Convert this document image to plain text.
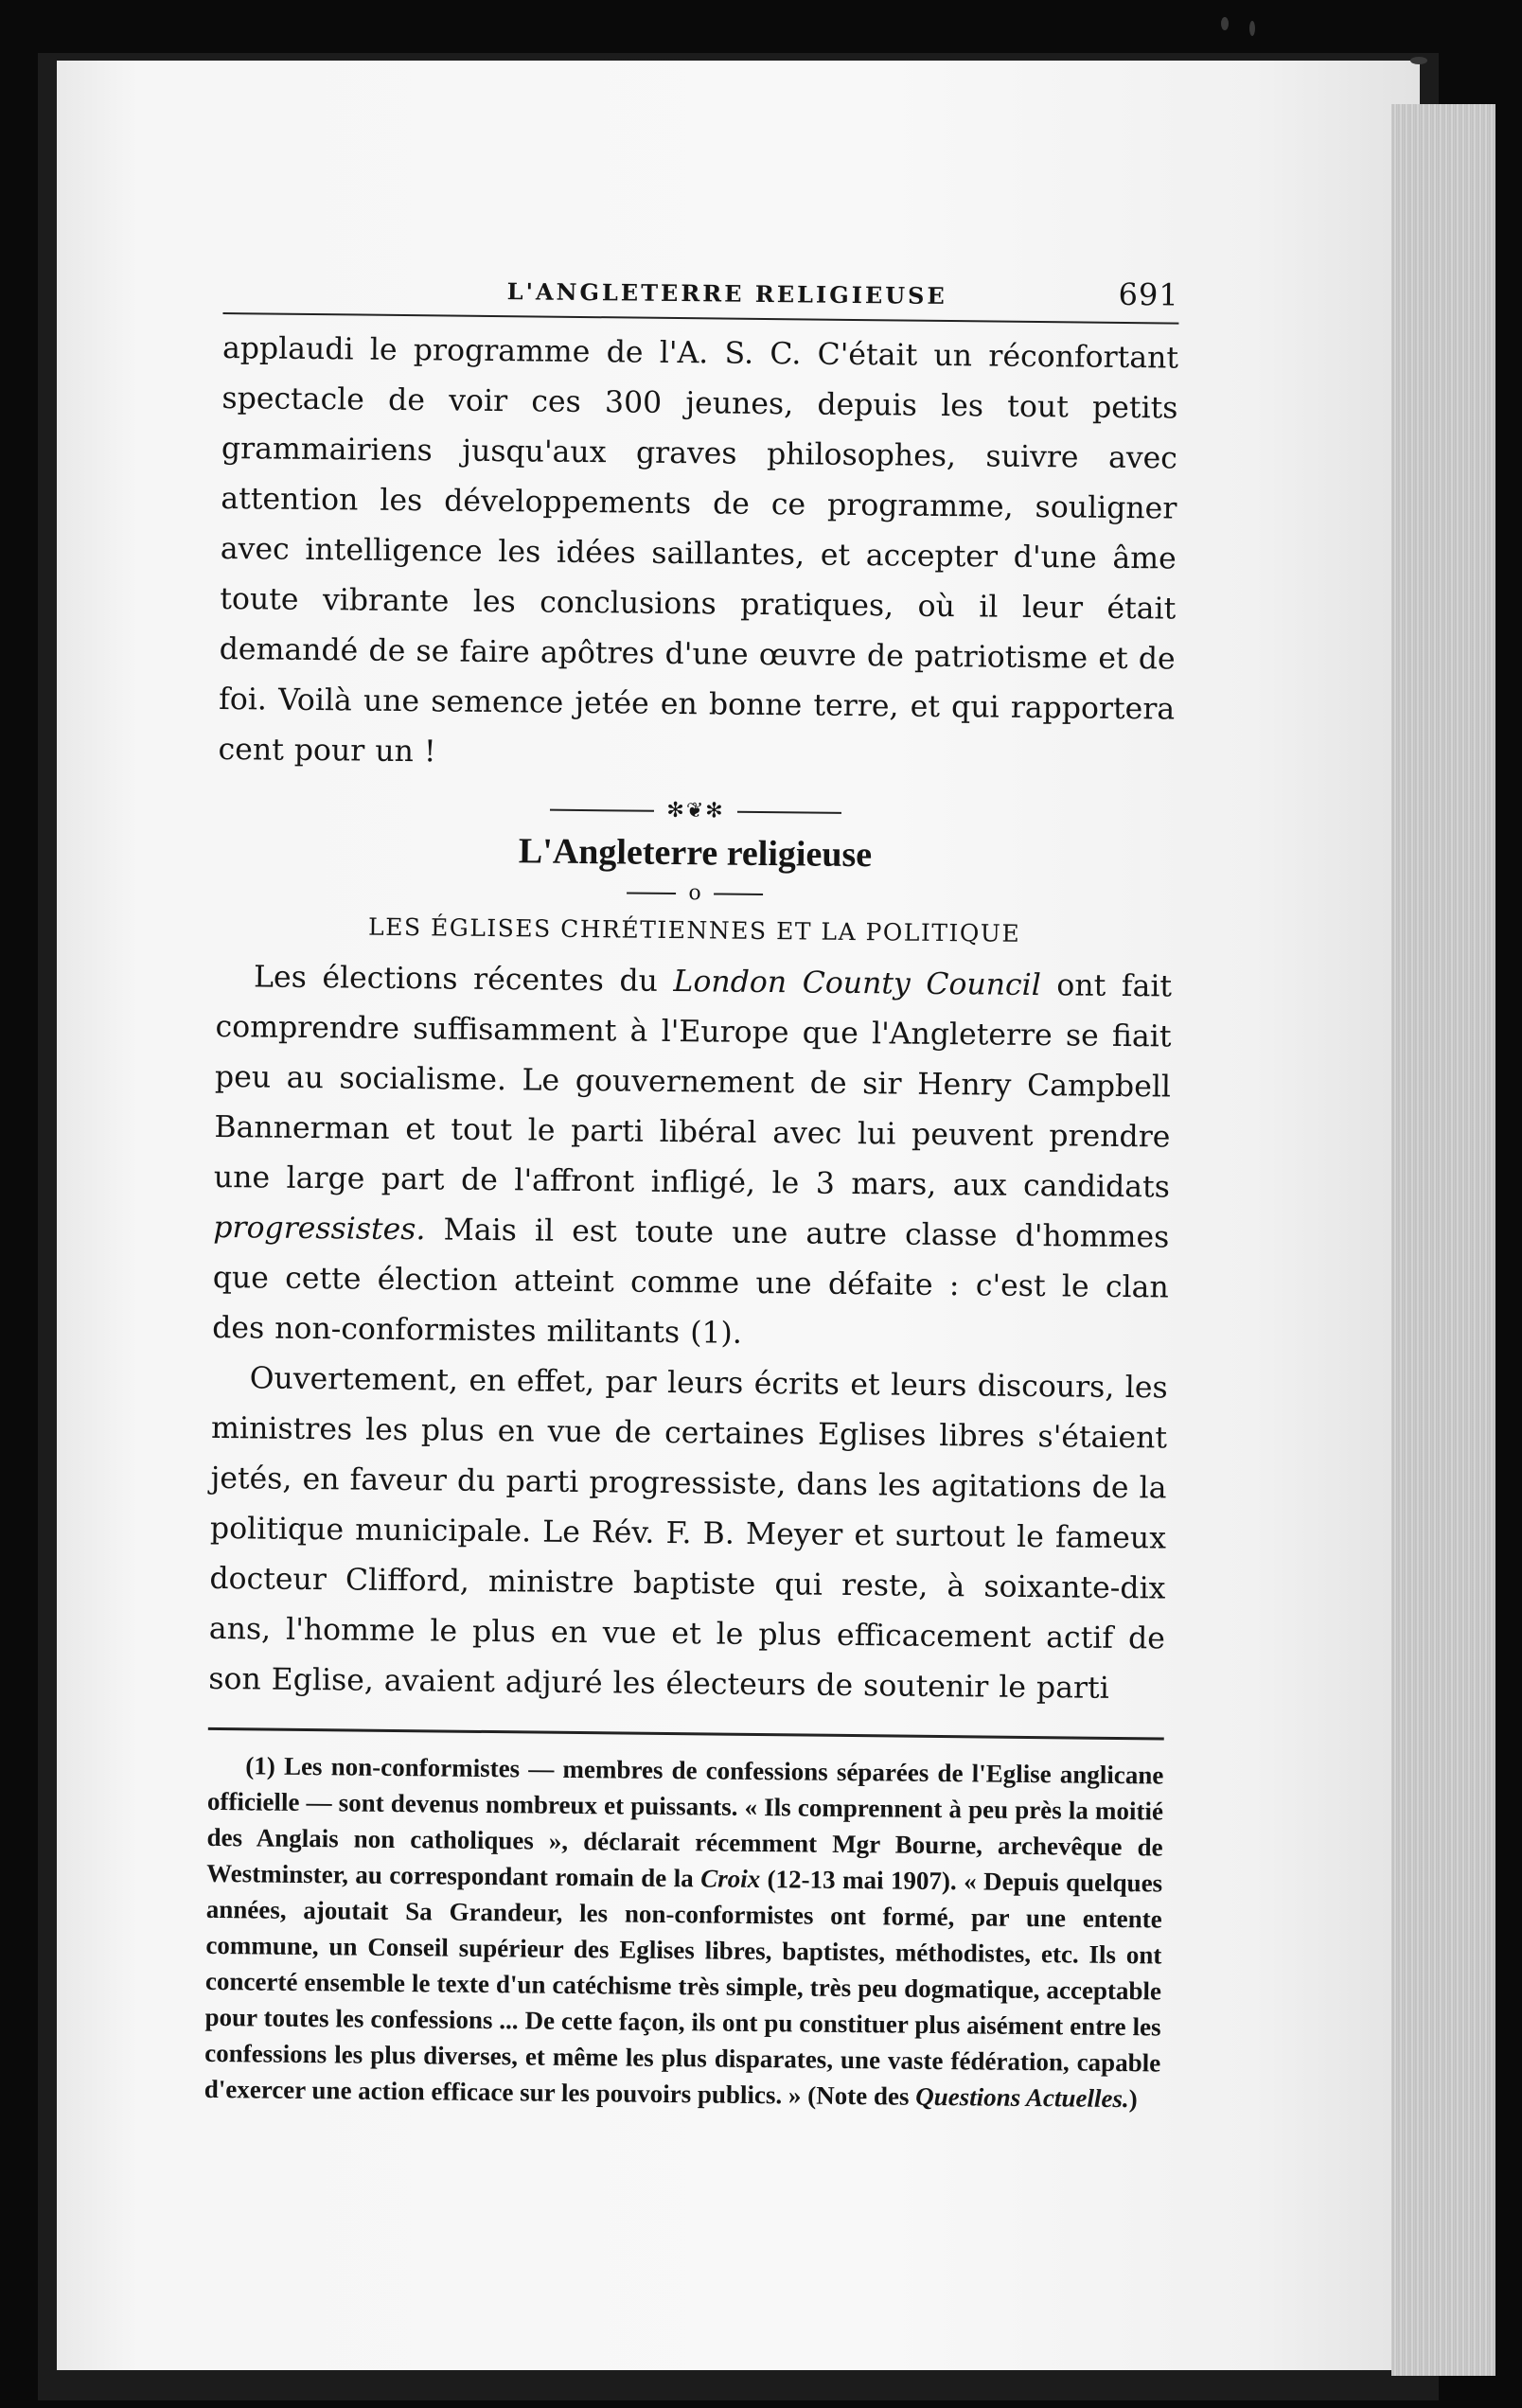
L'ANGLETERRE RELIGIEUSE	691

applaudi le programme de l'A. S. C. C'était un réconfortant spectacle de voir ces 300 jeunes, depuis les tout petits grammairiens jusqu'aux graves philosophes, suivre avec attention les développements de ce programme, souligner avec intelligence les idées saillantes, et accepter d'une âme toute vibrante les conclusions pratiques, où il leur était demandé de se faire apôtres d'une œuvre de patriotisme et de foi. Voilà une semence jetée en bonne terre, et qui rapportera cent pour un !

✻❦✻
L'Angleterre religieuse
o
LES ÉGLISES CHRÉTIENNES ET LA POLITIQUE

Les élections récentes du London County Council ont fait comprendre suffisamment à l'Europe que l'Angleterre se fiait peu au socialisme. Le gouvernement de sir Henry Campbell Bannerman et tout le parti libéral avec lui peuvent prendre une large part de l'affront infligé, le 3 mars, aux candidats progressistes. Mais il est toute une autre classe d'hommes que cette élection atteint comme une défaite : c'est le clan des non-conformistes militants (1).

Ouvertement, en effet, par leurs écrits et leurs discours, les ministres les plus en vue de certaines Eglises libres s'étaient jetés, en faveur du parti progressiste, dans les agitations de la politique municipale. Le Rév. F. B. Meyer et surtout le fameux docteur Clifford, ministre baptiste qui reste, à soixante-dix ans, l'homme le plus en vue et le plus efficacement actif de son Eglise, avaient adjuré les électeurs de soutenir le parti

(1) Les non-conformistes — membres de confessions séparées de l'Eglise anglicane officielle — sont devenus nombreux et puissants. « Ils comprennent à peu près la moitié des Anglais non catholiques », déclarait récemment Mgr Bourne, archevêque de Westminster, au correspondant romain de la Croix (12-13 mai 1907). « Depuis quelques années, ajoutait Sa Grandeur, les non-conformistes ont formé, par une entente commune, un Conseil supérieur des Eglises libres, baptistes, méthodistes, etc. Ils ont concerté ensemble le texte d'un catéchisme très simple, très peu dogmatique, acceptable pour toutes les confessions ... De cette façon, ils ont pu constituer plus aisément entre les confessions les plus diverses, et même les plus disparates, une vaste fédération, capable d'exercer une action efficace sur les pouvoirs publics. » (Note des Questions Actuelles.)
